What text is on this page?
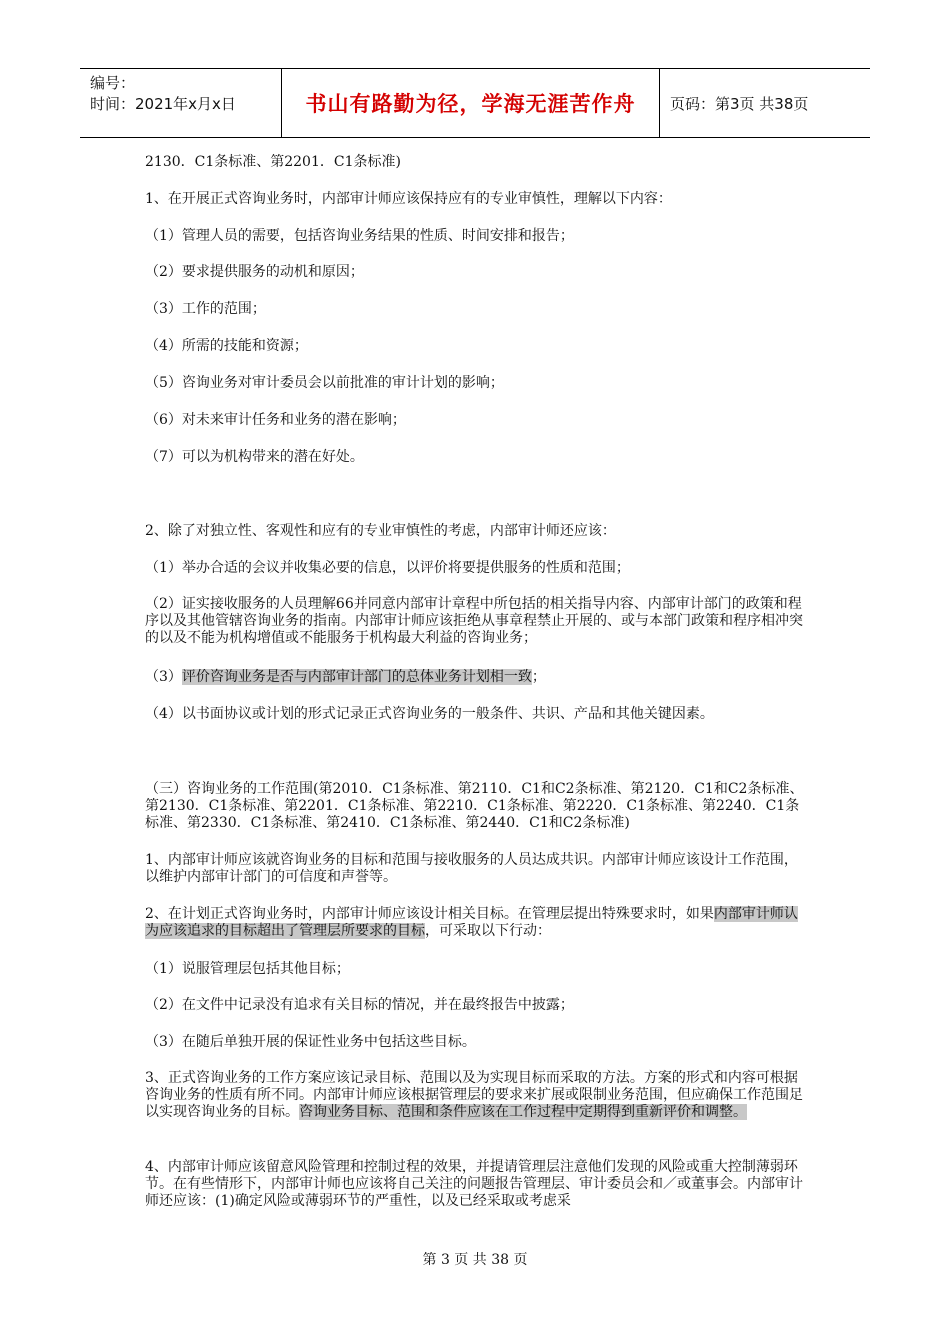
编号：
时间：2021年x月x日	书山有路勤为径，学海无涯苦作舟 页码：第3页 共38页
2130．C1条标准、第2201．C1条标准)
1、在开展正式咨询业务时，内部审计师应该保持应有的专业审慎性，理解以下内容：
（1）管理人员的需要，包括咨询业务结果的性质、时间安排和报告；
（2）要求提供服务的动机和原因；
（3）工作的范围；
（4）所需的技能和资源；
（5）咨询业务对审计委员会以前批准的审计计划的影响；
（6）对未来审计任务和业务的潜在影响；
（7）可以为机构带来的潜在好处。
2、除了对独立性、客观性和应有的专业审慎性的考虑，内部审计师还应该：
（1）举办合适的会议并收集必要的信息，以评价将要提供服务的性质和范围；
（2）证实接收服务的人员理解66并同意内部审计章程中所包括的相关指导内容、内部审计部门的政策和程序以及其他管辖咨询业务的指南。内部审计师应该拒绝从事章程禁止开展的、或与本部门政策和程序相冲突的以及不能为机构增值或不能服务于机构最大利益的咨询业务；
（3）评价咨询业务是否与内部审计部门的总体业务计划相一致；
（4）以书面协议或计划的形式记录正式咨询业务的一般条件、共识、产品和其他关键因素。
（三）咨询业务的工作范围(第2010．C1条标准、第2110．C1和C2条标准、第2120．C1和C2条标准、第2130．C1条标准、第2201．C1条标准、第2210．C1条标准、第2220．C1条标准、第2240．C1条标准、第2330．C1条标准、第2410．C1条标准、第2440．C1和C2条标准)
1、内部审计师应该就咨询业务的目标和范围与接收服务的人员达成共识。内部审计师应该设计工作范围，以维护内部审计部门的可信度和声誉等。
2、在计划正式咨询业务时，内部审计师应该设计相关目标。在管理层提出特殊要求时，如果内部审计师认为应该追求的目标超出了管理层所要求的目标，可采取以下行动：
（1）说服管理层包括其他目标；
（2）在文件中记录没有追求有关目标的情况，并在最终报告中披露；
（3）在随后单独开展的保证性业务中包括这些目标。
3、正式咨询业务的工作方案应该记录目标、范围以及为实现目标而采取的方法。方案的形式和内容可根据咨询业务的性质有所不同。内部审计师应该根据管理层的要求来扩展或限制业务范围，但应确保工作范围足以实现咨询业务的目标。咨询业务目标、范围和条件应该在工作过程中定期得到重新评价和调整。
4、内部审计师应该留意风险管理和控制过程的效果，并提请管理层注意他们发现的风险或重大控制薄弱环节。在有些情形下，内部审计师也应该将自己关注的问题报告管理层、审计委员会和／或董事会。内部审计师还应该：(1)确定风险或薄弱环节的严重性，以及已经采取或考虑采
第 3 页 共 38 页
